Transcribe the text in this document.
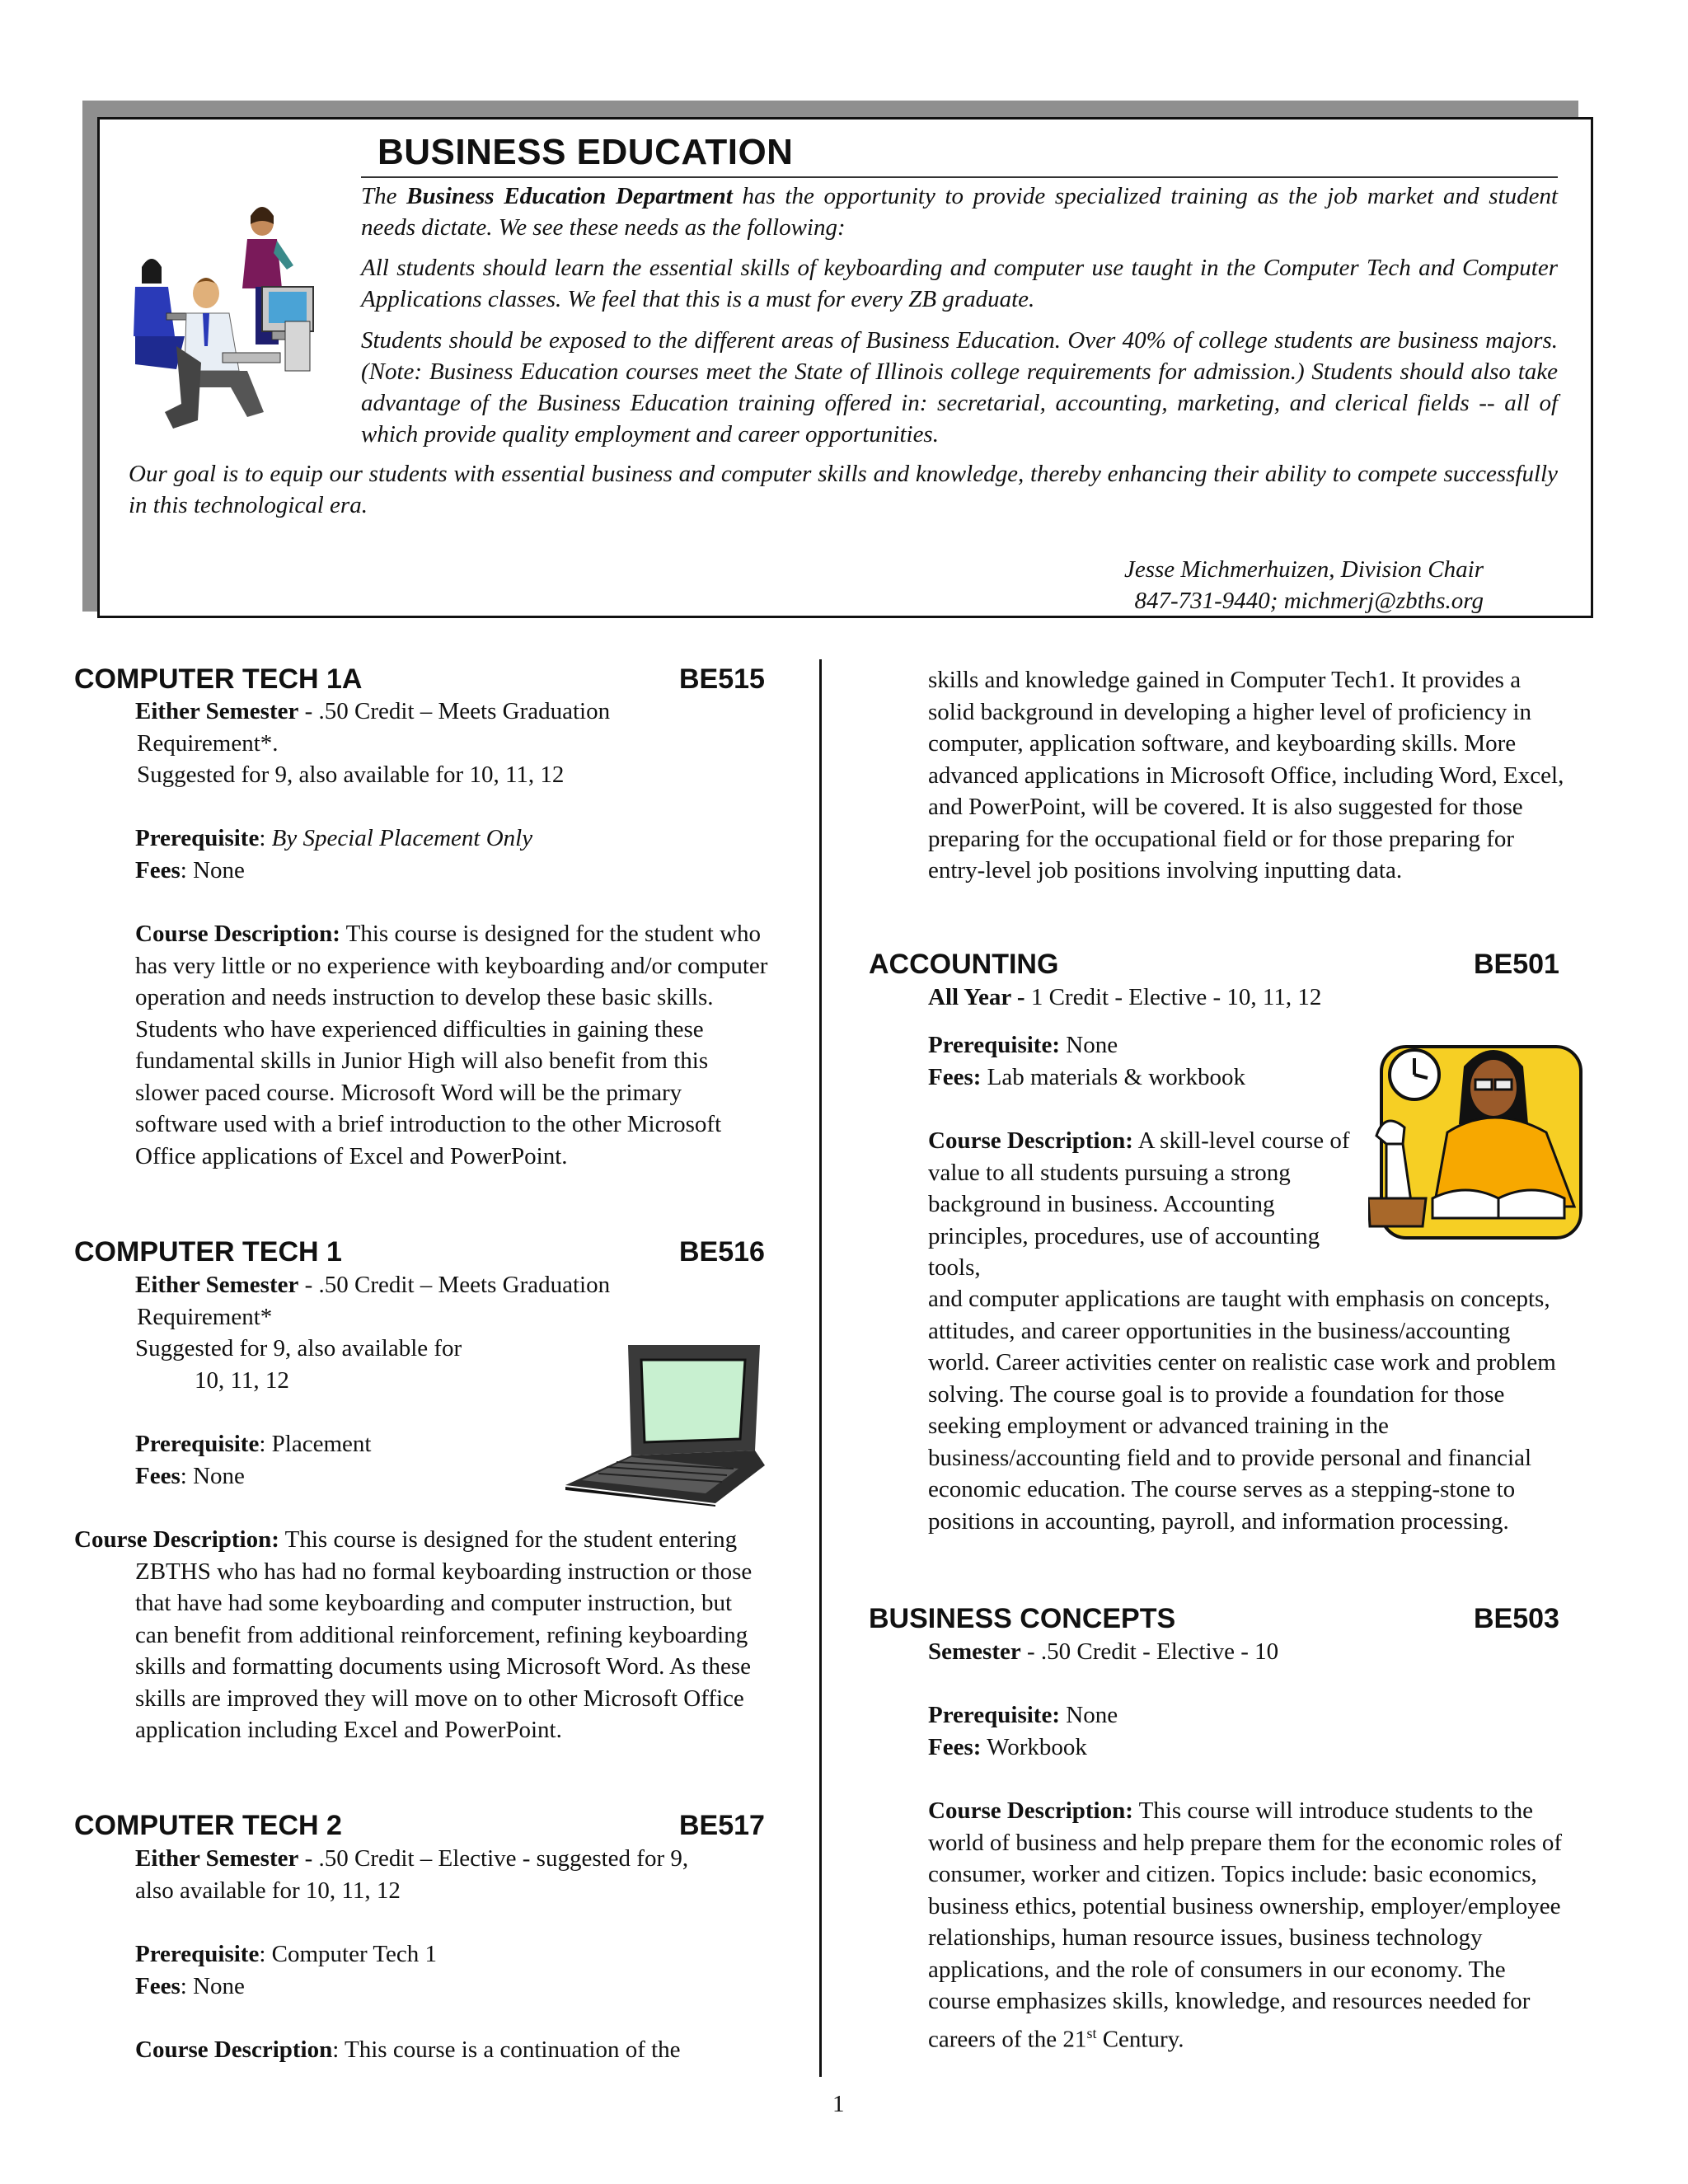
BUSINESS EDUCATION
The Business Education Department has the opportunity to provide specialized training as the job market and student needs dictate. We see these needs as the following:
All students should learn the essential skills of keyboarding and computer use taught in the Computer Tech and Computer Applications classes. We feel that this is a must for every ZB graduate.
Students should be exposed to the different areas of Business Education. Over 40% of college students are business majors. (Note: Business Education courses meet the State of Illinois college requirements for admission.) Students should also take advantage of the Business Education training offered in: secretarial, accounting, marketing, and clerical fields -- all of which provide quality employment and career opportunities.
Our goal is to equip our students with essential business and computer skills and knowledge, thereby enhancing their ability to compete successfully in this technological era.
Jesse Michmerhuizen, Division Chair
847-731-9440; michmerj@zbths.org
COMPUTER TECH 1A	BE515
Either Semester - .50 Credit – Meets Graduation
Requirement*.
Suggested for 9, also available for 10, 11, 12
Prerequisite: By Special Placement Only
Fees: None
Course Description: This course is designed for the student who has very little or no experience with keyboarding and/or computer operation and needs instruction to develop these basic skills. Students who have experienced difficulties in gaining these fundamental skills in Junior High will also benefit from this slower paced course. Microsoft Word will be the primary software used with a brief introduction to the other Microsoft Office applications of Excel and PowerPoint.
COMPUTER TECH 1	BE516
Either Semester - .50 Credit – Meets Graduation
Requirement*
Suggested for 9, also available for
10, 11, 12
Prerequisite: Placement
Fees: None
Course Description: This course is designed for the student entering ZBTHS who has had no formal keyboarding instruction or those that have had some keyboarding and computer instruction, but can benefit from additional reinforcement, refining keyboarding skills and formatting documents using Microsoft Word. As these skills are improved they will move on to other Microsoft Office application including Excel and PowerPoint.
COMPUTER TECH 2	BE517
Either Semester - .50 Credit – Elective - suggested for 9,
also available for 10, 11, 12
Prerequisite: Computer Tech 1
Fees: None
Course Description: This course is a continuation of the
skills and knowledge gained in Computer Tech1. It provides a solid background in developing a higher level of proficiency in computer, application software, and keyboarding skills. More advanced applications in Microsoft Office, including Word, Excel, and PowerPoint, will be covered. It is also suggested for those preparing for the occupational field or for those preparing for entry-level job positions involving inputting data.
ACCOUNTING	BE501
All Year - 1 Credit - Elective - 10, 11, 12
Prerequisite: None
Fees: Lab materials & workbook
Course Description: A skill-level course of value to all students pursuing a strong background in business. Accounting principles, procedures, use of accounting tools,
and computer applications are taught with emphasis on concepts, attitudes, and career opportunities in the business/accounting world. Career activities center on realistic case work and problem solving. The course goal is to provide a foundation for those seeking employment or advanced training in the business/accounting field and to provide personal and financial economic education. The course serves as a stepping-stone to positions in accounting, payroll, and information processing.
BUSINESS CONCEPTS	BE503
Semester - .50 Credit - Elective - 10
Prerequisite: None
Fees: Workbook
Course Description: This course will introduce students to the world of business and help prepare them for the economic roles of consumer, worker and citizen. Topics include: basic economics, business ethics, potential business ownership, employer/employee relationships, human resource issues, business technology applications, and the role of consumers in our economy. The course emphasizes skills, knowledge, and resources needed for careers of the 21st Century.
1
